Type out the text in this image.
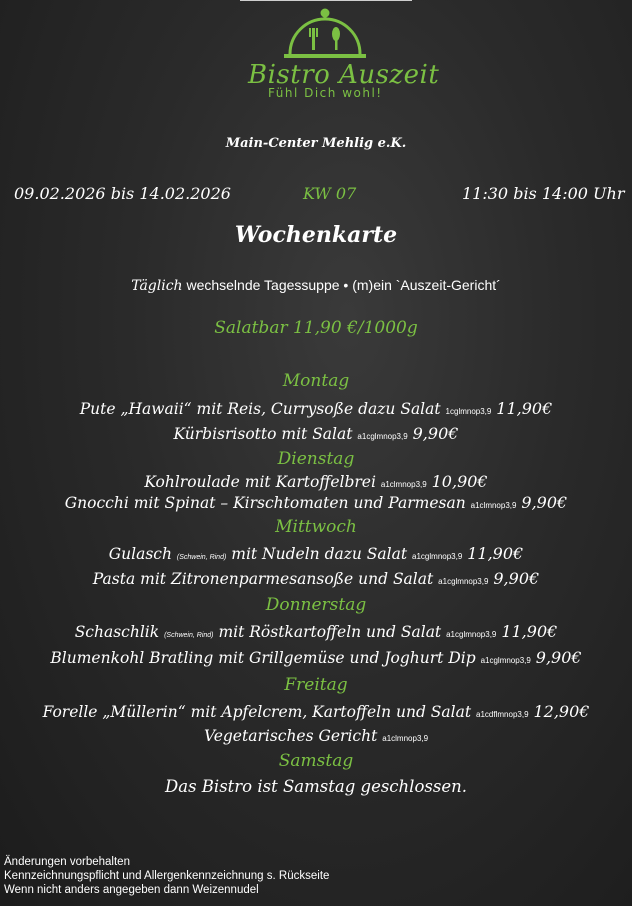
Bistro Auszeit
Fühl Dich wohl!
Main-Center Mehlig e.K.
09.02.2026 bis 14.02.2026	KW 07	11:30 bis 14:00 Uhr
Wochenkarte
Täglich wechselnde Tagessuppe • (m)ein `Auszeit-Gericht´
Salatbar 11,90 €/1000g
Montag
Pute „Hawaii“ mit Reis, Currysoße dazu Salat 1cglmnop3,9 11,90€
Kürbisrisotto mit Salat a1cglmnop3,9 9,90€
Dienstag
Kohlroulade mit Kartoffelbrei a1clmnop3,9 10,90€
Gnocchi mit Spinat – Kirschtomaten und Parmesan a1clmnop3,9 9,90€
Mittwoch
Gulasch (Schwein, Rind) mit Nudeln dazu Salat a1cglmnop3,9 11,90€
Pasta mit Zitronenparmesansoße und Salat a1cglmnop3,9 9,90€
Donnerstag
Schaschlik (Schwein, Rind) mit Röstkartoffeln und Salat a1cglmnop3,9 11,90€
Blumenkohl Bratling mit Grillgemüse und Joghurt Dip a1cglmnop3,9 9,90€
Freitag
Forelle „Müllerin“ mit Apfelcrem, Kartoffeln und Salat a1cdflmnop3,9 12,90€
Vegetarisches Gericht a1clmnop3,9
Samstag
Das Bistro ist Samstag geschlossen.
Änderungen vorbehalten
Kennzeichnungspflicht und Allergenkennzeichnung s. Rückseite
Wenn nicht anders angegeben dann Weizennudel
